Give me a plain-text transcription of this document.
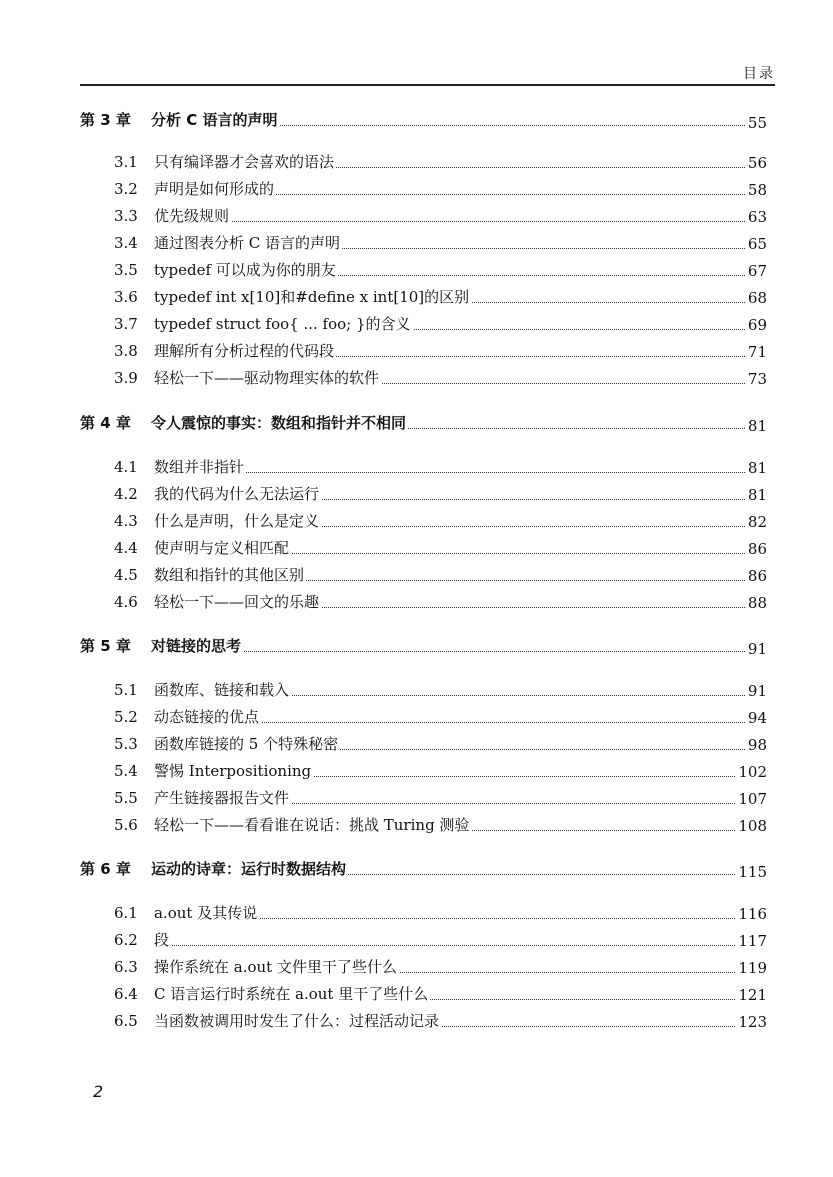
目录
第 3 章 分析 C 语言的声明	55
3.1 只有编译器才会喜欢的语法	56
3.2 声明是如何形成的	58
3.3 优先级规则	63
3.4 通过图表分析 C 语言的声明	65
3.5 typedef 可以成为你的朋友	67
3.6 typedef int x[10]和#define x int[10]的区别	68
3.7 typedef struct foo{ ... foo; }的含义	69
3.8 理解所有分析过程的代码段	71
3.9 轻松一下——驱动物理实体的软件	73
第 4 章 令人震惊的事实：数组和指针并不相同	81
4.1 数组并非指针	81
4.2 我的代码为什么无法运行	81
4.3 什么是声明，什么是定义	82
4.4 使声明与定义相匹配	86
4.5 数组和指针的其他区别	86
4.6 轻松一下——回文的乐趣	88
第 5 章 对链接的思考	91
5.1 函数库、链接和载入	91
5.2 动态链接的优点	94
5.3 函数库链接的 5 个特殊秘密	98
5.4 警惕 Interpositioning	102
5.5 产生链接器报告文件	107
5.6 轻松一下——看看谁在说话：挑战 Turing 测验	108
第 6 章 运动的诗章：运行时数据结构	115
6.1 a.out 及其传说	116
6.2 段	117
6.3 操作系统在 a.out 文件里干了些什么	119
6.4 C 语言运行时系统在 a.out 里干了些什么	121
6.5 当函数被调用时发生了什么：过程活动记录	123
2
